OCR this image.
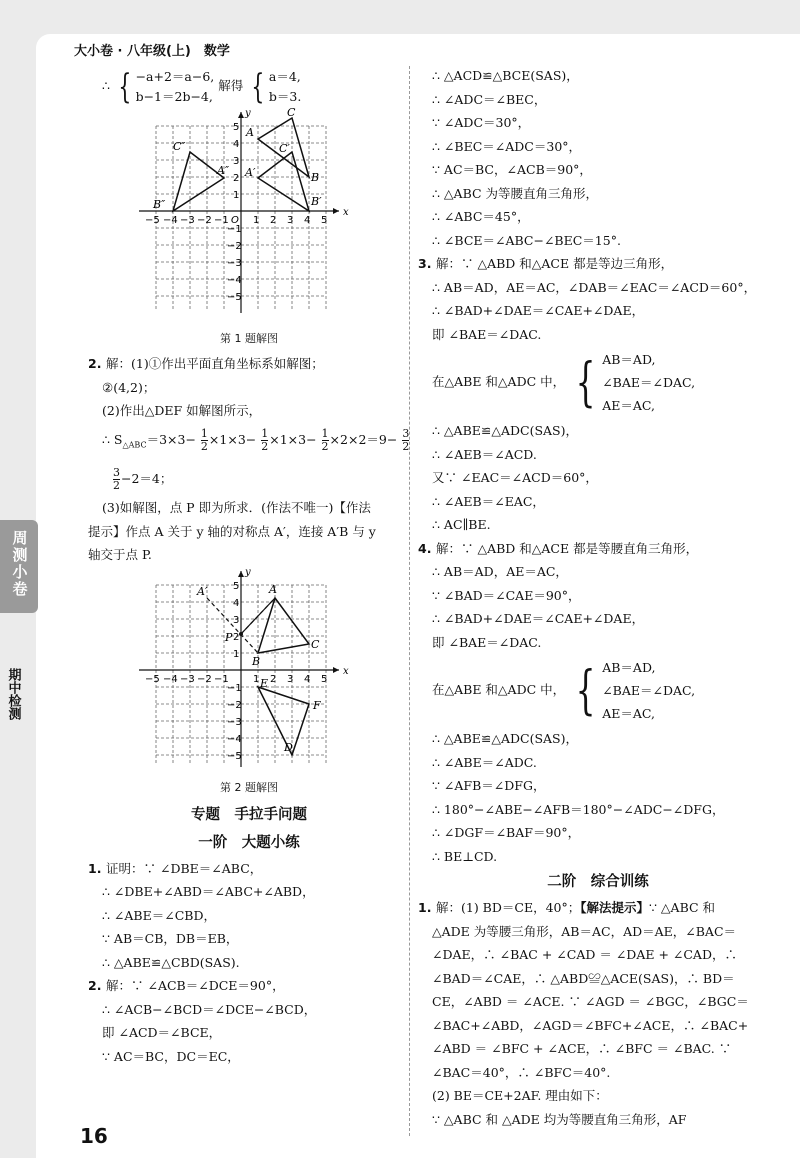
大小卷 · 八年级(上)　数学
∴ { −a+2＝a−6,
b−1＝2b−4,
解得 { a＝4,
b＝3.
x
y
−5 −4 −3 −2 −1 O 1 2 3 4 5
5
4
3
2
1
−1
−2
−3
−4
−5
A
C
B
A′
C′
B′
A″
C″
B″
第 1 题解图
2. 解：(1)①作出平面直角坐标系如解图；
②(4,2)；
(2)作出△DEF 如解图所示，
∴ $S_{\triangle ABC}=3\times 3- \frac{1}{2} \times 1\times 3- \frac{1}{2} \times 1\times 3- \frac{1}{2} \times 2\times 2=9- \frac{3}{2}$
$\frac{3}{2} -2=4$；
(3)如解图，点 P 即为所求．(作法不唯一)【作法
提示】作点 A 关于 y 轴的对称点 A′，连接 A′B 与 y
轴交于点 P.
x
y
−5 −4 −3 −2 −1 1 2 3 4 5
5
4
3
2
1
−1
−2
−3
−4
−5
A
A′
C
B
P
E
F
D
第 2 题解图
专题　手拉手问题
一阶　大题小练
1. 证明：∵ ∠DBE＝∠ABC，
∴ ∠DBE+∠ABD＝∠ABC+∠ABD，
∴ ∠ABE＝∠CBD，
∵ AB＝CB，DB＝EB，
∴ △ABE≌△CBD(SAS).
2. 解：∵ ∠ACB＝∠DCE＝90°，
∴ ∠ACB−∠BCD＝∠DCE−∠BCD，
即 ∠ACD＝∠BCE，
∵ AC＝BC，DC＝EC，
∴ △ACD≌△BCE(SAS)，
∴ ∠ADC＝∠BEC，
∵ ∠ADC＝30°，
∴ ∠BEC＝∠ADC＝30°，
∵ AC＝BC，∠ACB＝90°，
∴ △ABC 为等腰直角三角形，
∴ ∠ABC＝45°，
∴ ∠BCE＝∠ABC−∠BEC＝15°.
3. 解：∵ △ABD 和△ACE 都是等边三角形，
∴ AB＝AD，AE＝AC，∠DAB＝∠EAC＝∠ACD＝60°，
∴ ∠BAD+∠DAE＝∠CAE+∠DAE，
即 ∠BAE＝∠DAC.
在△ABE 和△ADC 中， { AB＝AD,
∠BAE＝∠DAC,
AE＝AC,
∴ △ABE≌△ADC(SAS)，
∴ ∠AEB＝∠ACD.
又∵ ∠EAC＝∠ACD＝60°，
∴ ∠AEB＝∠EAC，
∴ AC∥BE.
4. 解：∵ △ABD 和△ACE 都是等腰直角三角形，
∴ AB＝AD，AE＝AC，
∵ ∠BAD＝∠CAE＝90°，
∴ ∠BAD+∠DAE＝∠CAE+∠DAE，
即 ∠BAE＝∠DAC.
在△ABE 和△ADC 中， { AB＝AD,
∠BAE＝∠DAC,
AE＝AC,
∴ △ABE≌△ADC(SAS)，
∴ ∠ABE＝∠ADC.
∵ ∠AFB＝∠DFG，
∴ 180°−∠ABE−∠AFB＝180°−∠ADC−∠DFG，
∴ ∠DGF＝∠BAF＝90°，
∴ BE⊥CD.
二阶　综合训练
1. 解：(1) BD＝CE，40°；【解法提示】∵ △ABC 和
△ADE 为等腰三角形，AB＝AC，AD＝AE，∠BAC＝
∠DAE，∴ ∠BAC + ∠CAD ＝ ∠DAE + ∠CAD，∴
∠BAD＝∠CAE，∴ △ABD≌△ACE(SAS)，∴ BD＝
CE，∠ABD ＝ ∠ACE. ∵ ∠AGD ＝ ∠BGC，∠BGC＝
∠BAC+∠ABD，∠AGD＝∠BFC+∠ACE，∴ ∠BAC+
∠ABD ＝ ∠BFC + ∠ACE，∴ ∠BFC ＝ ∠BAC. ∵
∠BAC＝40°，∴ ∠BFC＝40°.
(2) BE＝CE+2AF. 理由如下：
∵ △ABC 和 △ADE 均为等腰直角三角形，AF
16
周测小卷
期中检测
